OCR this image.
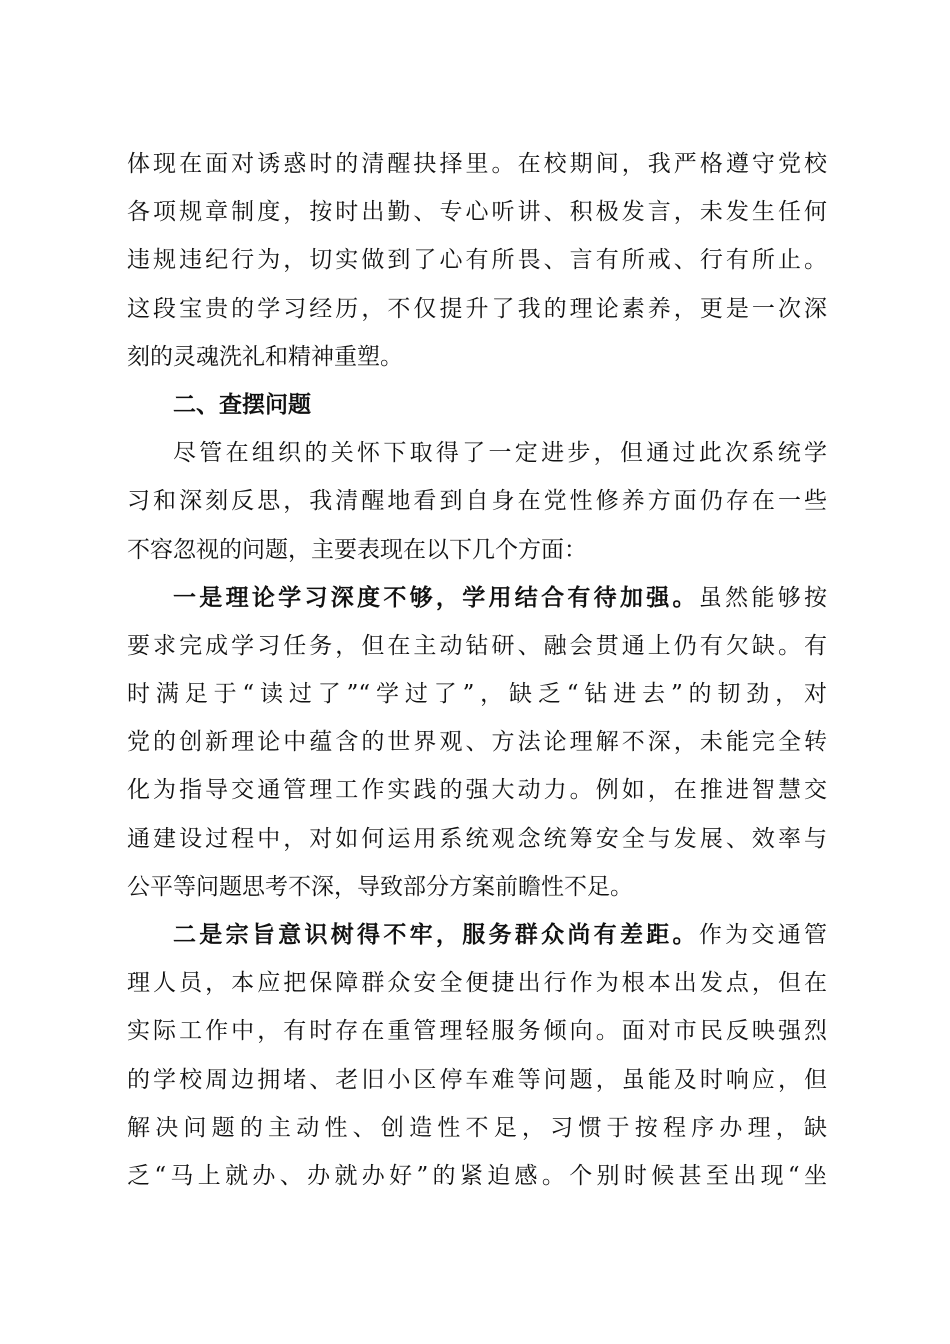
体现在面对诱惑时的清醒抉择里。在校期间，我严格遵守党校
各项规章制度，按时出勤、专心听讲、积极发言，未发生任何
违规违纪行为，切实做到了心有所畏、言有所戒、行有所止。
这段宝贵的学习经历，不仅提升了我的理论素养，更是一次深
刻的灵魂洗礼和精神重塑。
二、查摆问题
尽管在组织的关怀下取得了一定进步，但通过此次系统学
习和深刻反思，我清醒地看到自身在党性修养方面仍存在一些
不容忽视的问题，主要表现在以下几个方面：
一是理论学习深度不够，学用结合有待加强。虽然能够按
要求完成学习任务，但在主动钻研、融会贯通上仍有欠缺。有
时满足于“读过了”“学过了”，缺乏“钻进去”的韧劲，对
党的创新理论中蕴含的世界观、方法论理解不深，未能完全转
化为指导交通管理工作实践的强大动力。例如，在推进智慧交
通建设过程中，对如何运用系统观念统筹安全与发展、效率与
公平等问题思考不深，导致部分方案前瞻性不足。
二是宗旨意识树得不牢，服务群众尚有差距。作为交通管
理人员，本应把保障群众安全便捷出行作为根本出发点，但在
实际工作中，有时存在重管理轻服务倾向。面对市民反映强烈
的学校周边拥堵、老旧小区停车难等问题，虽能及时响应，但
解决问题的主动性、创造性不足，习惯于按程序办理，缺
乏“马上就办、办就办好”的紧迫感。个别时候甚至出现“坐
